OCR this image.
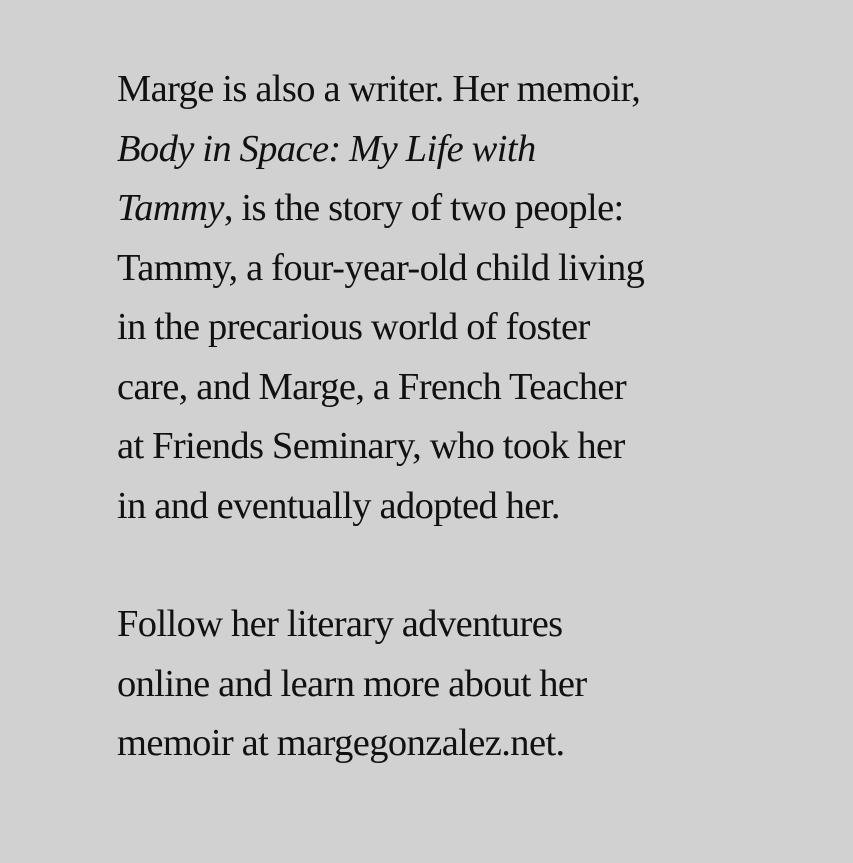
Marge is also a writer. Her memoir, Body in Space: My Life with Tammy, is the story of two people: Tammy, a four-year-old child living in the precarious world of foster care, and Marge, a French Teacher at Friends Seminary, who took her in and eventually adopted her.

Follow her literary adventures online and learn more about her memoir at margegonzalez.net.
